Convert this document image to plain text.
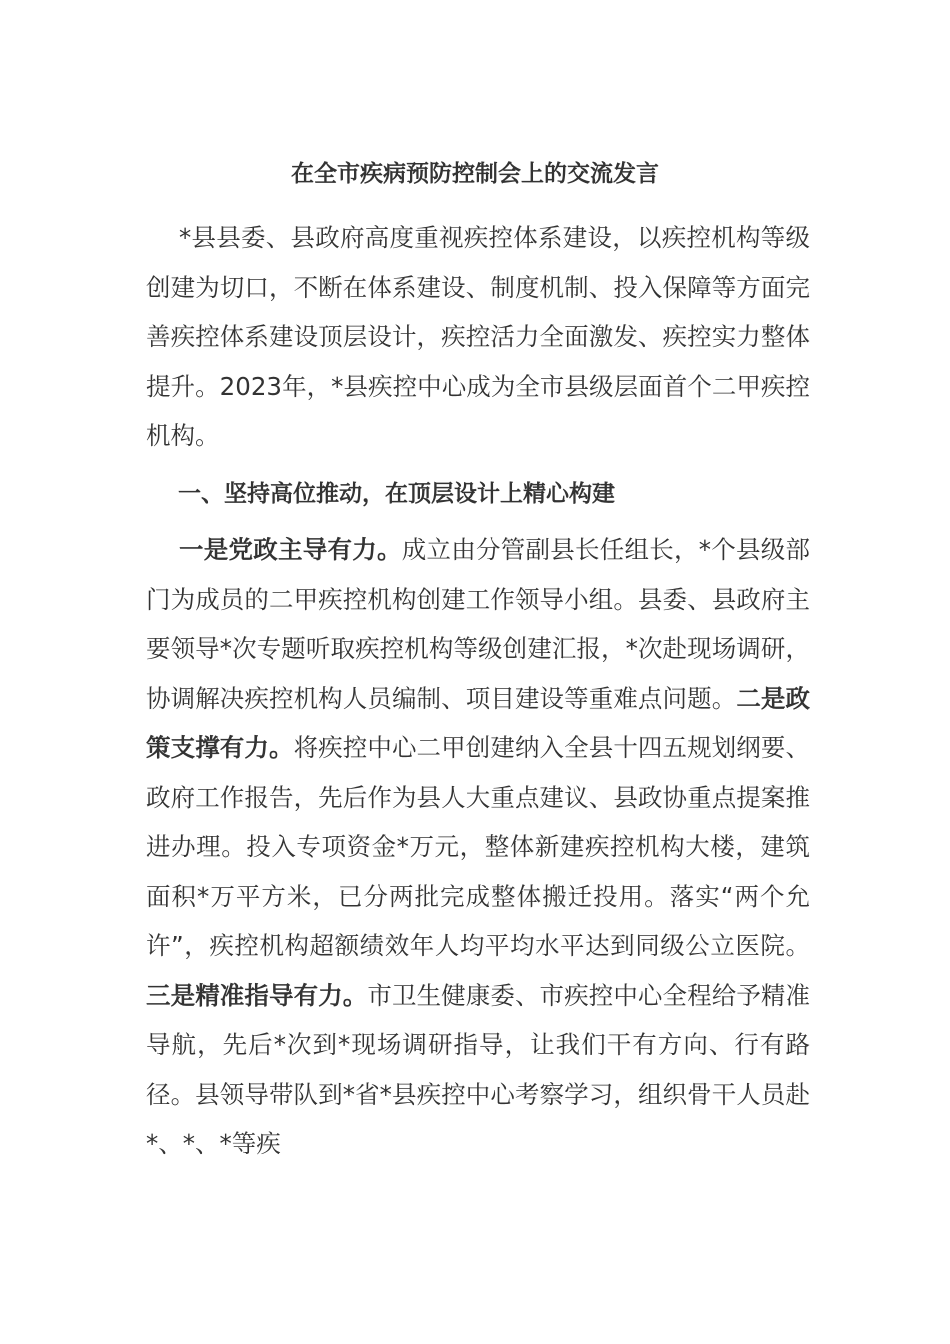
在全市疾病预防控制会上的交流发言
*县县委、县政府高度重视疾控体系建设，以疾控机构等级创建为切口，不断在体系建设、制度机制、投入保障等方面完善疾控体系建设顶层设计，疾控活力全面激发、疾控实力整体提升。2023年，*县疾控中心成为全市县级层面首个二甲疾控机构。
一、坚持高位推动，在顶层设计上精心构建
一是党政主导有力。成立由分管副县长任组长，*个县级部门为成员的二甲疾控机构创建工作领导小组。县委、县政府主要领导*次专题听取疾控机构等级创建汇报，*次赴现场调研，协调解决疾控机构人员编制、项目建设等重难点问题。二是政策支撑有力。将疾控中心二甲创建纳入全县十四五规划纲要、政府工作报告，先后作为县人大重点建议、县政协重点提案推进办理。投入专项资金*万元，整体新建疾控机构大楼，建筑面积*万平方米，已分两批完成整体搬迁投用。落实“两个允许”，疾控机构超额绩效年人均平均水平达到同级公立医院。三是精准指导有力。市卫生健康委、市疾控中心全程给予精准导航，先后*次到*现场调研指导，让我们干有方向、行有路径。县领导带队到*省*县疾控中心考察学习，组织骨干人员赴*、*、*等疾
